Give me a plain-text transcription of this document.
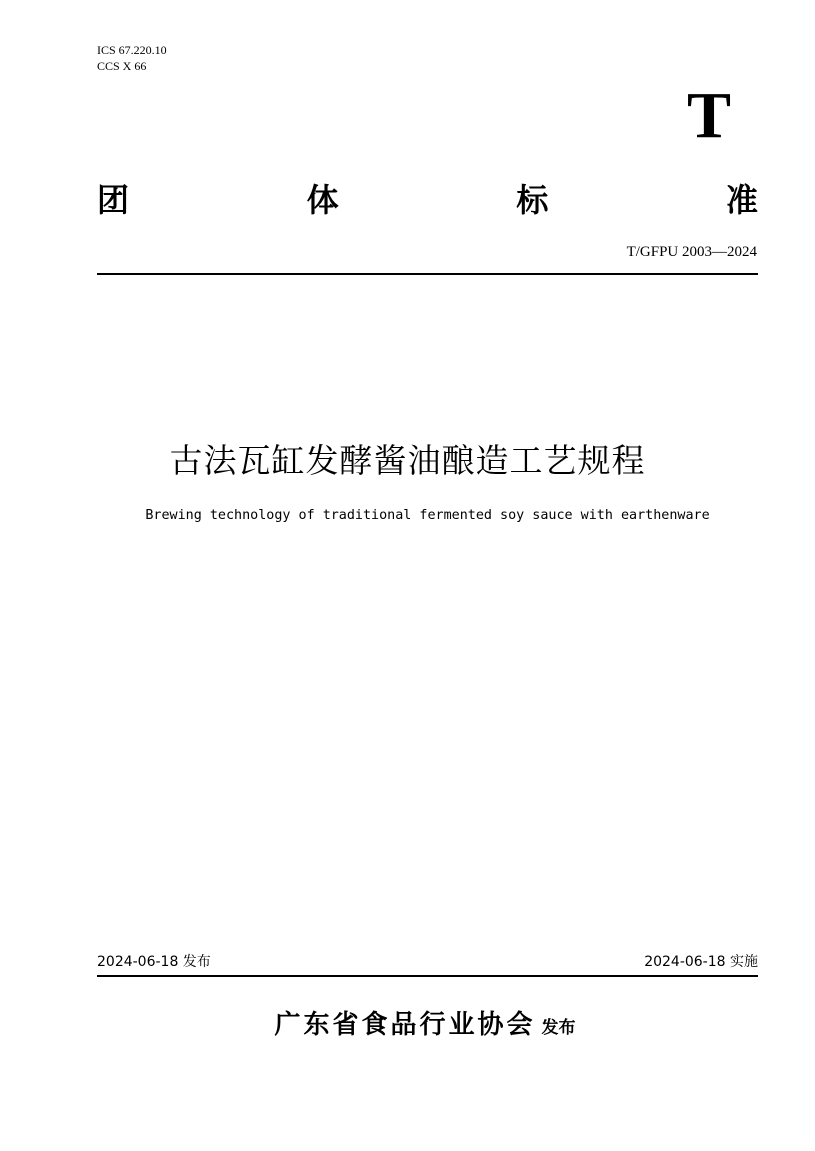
ICS 67.220.10
CCS X 66
T
团	体	标	准
T/GFPU 2003—2024
古法瓦缸发酵酱油酿造工艺规程
Brewing technology of traditional fermented soy sauce with earthenware
2024-06-18 发布	2024-06-18 实施
广东省食品行业协会 发布
